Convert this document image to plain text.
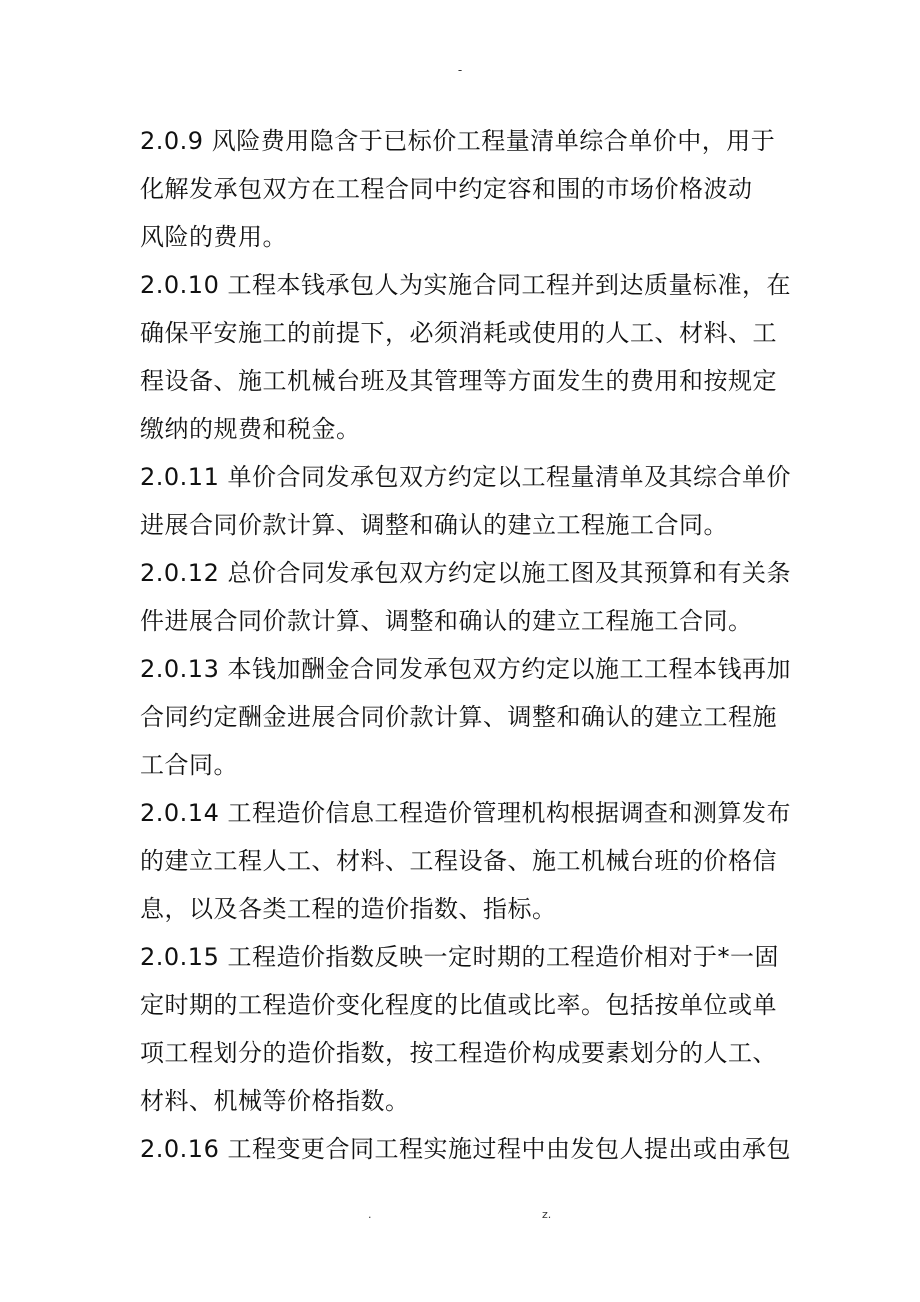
-
2.0.9 风险费用隐含于已标价工程量清单综合单价中，用于
化解发承包双方在工程合同中约定容和围的市场价格波动
风险的费用。
2.0.10 工程本钱承包人为实施合同工程并到达质量标准，在
确保平安施工的前提下，必须消耗或使用的人工、材料、工
程设备、施工机械台班及其管理等方面发生的费用和按规定
缴纳的规费和税金。
2.0.11 单价合同发承包双方约定以工程量清单及其综合单价
进展合同价款计算、调整和确认的建立工程施工合同。
2.0.12 总价合同发承包双方约定以施工图及其预算和有关条
件进展合同价款计算、调整和确认的建立工程施工合同。
2.0.13 本钱加酬金合同发承包双方约定以施工工程本钱再加
合同约定酬金进展合同价款计算、调整和确认的建立工程施
工合同。
2.0.14 工程造价信息工程造价管理机构根据调查和测算发布
的建立工程人工、材料、工程设备、施工机械台班的价格信
息，以及各类工程的造价指数、指标。
2.0.15 工程造价指数反映一定时期的工程造价相对于*一固
定时期的工程造价变化程度的比值或比率。包括按单位或单
项工程划分的造价指数，按工程造价构成要素划分的人工、
材料、机械等价格指数。
2.0.16 工程变更合同工程实施过程中由发包人提出或由承包
.	z.
